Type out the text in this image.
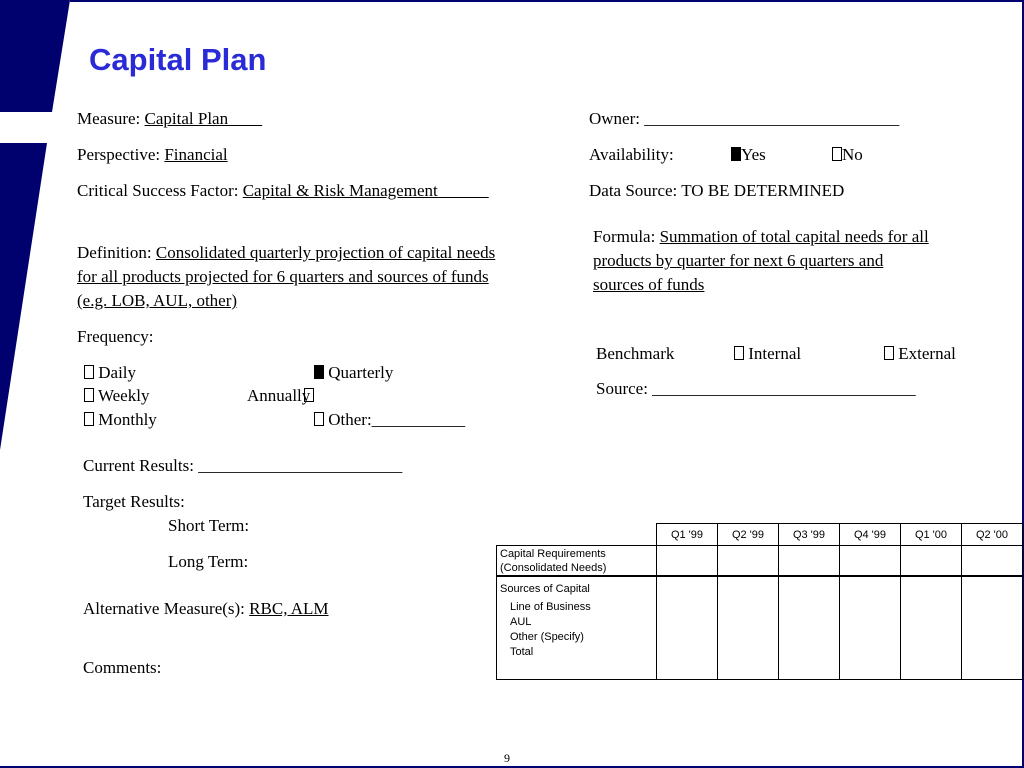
Capital Plan
Measure: Capital Plan
Perspective: Financial
Critical Success Factor: Capital & Risk Management
Definition: Consolidated quarterly projection of capital needs
for all products projected for 6 quarters and sources of funds
(e.g. LOB, AUL, other)
Frequency:
Daily
Weekly
Monthly
Quarterly
Annually
Other:___________
Current Results: ________________________
Target Results:
Short Term:
Long Term:
Alternative Measure(s): RBC, ALM
Comments:
Owner: ______________________________
Availability:	Yes	No
Data Source: TO BE DETERMINED
Formula: Summation of total capital needs for all
products by quarter for next 6 quarters and
sources of funds
Benchmark	Internal	External
Source: _______________________________
	Q1 '99	Q2 '99	Q3 '99	Q4 '99	Q1 '00	Q2 '00

Capital Requirements
(Consolidated Needs)						

Sources of Capital
Line of Business
AUL
Other (Specify)
Total						

9
